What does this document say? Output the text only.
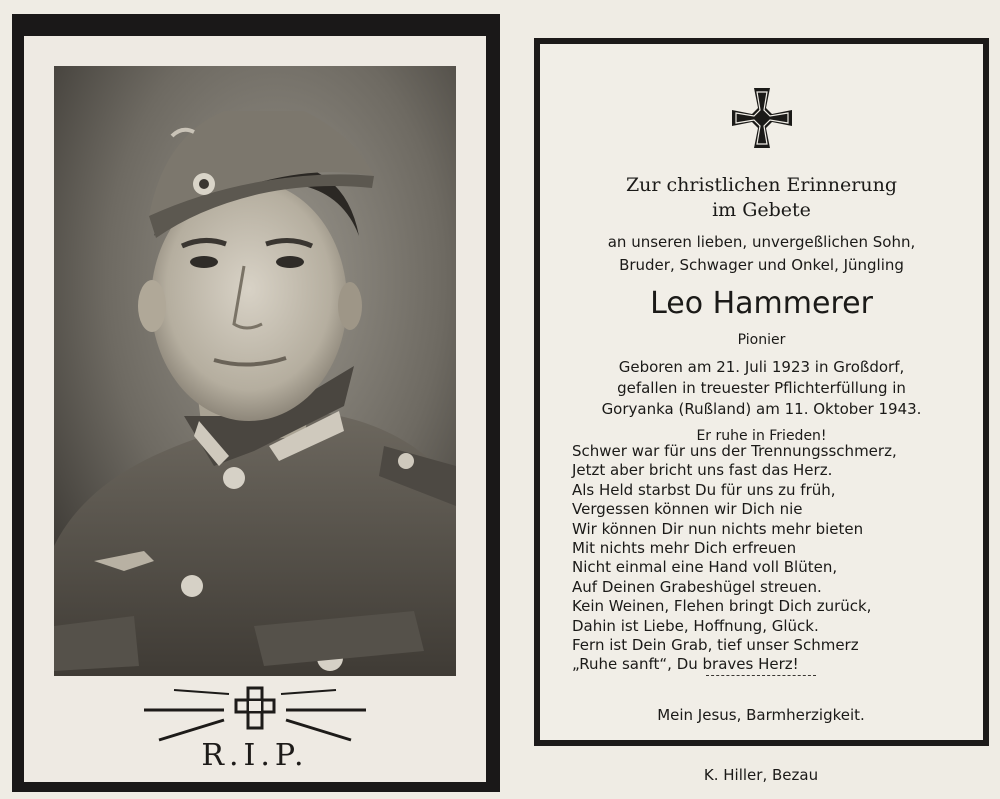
R.I.P.
Zur christlichen Erinnerung
im Gebete
an unseren lieben, unvergeßlichen Sohn,
Bruder, Schwager und Onkel, Jüngling
Leo Hammerer
Pionier
Geboren am 21. Juli 1923 in Großdorf,
gefallen in treuester Pflichterfüllung in
Goryanka (Rußland) am 11. Oktober 1943.
Er ruhe in Frieden!
Schwer war für uns der Trennungsschmerz,
Jetzt aber bricht uns fast das Herz.
Als Held starbst Du für uns zu früh,
Vergessen können wir Dich nie
Wir können Dir nun nichts mehr bieten
Mit nichts mehr Dich erfreuen
Nicht einmal eine Hand voll Blüten,
Auf Deinen Grabeshügel streuen.
Kein Weinen, Flehen bringt Dich zurück,
Dahin ist Liebe, Hoffnung, Glück.
Fern ist Dein Grab, tief unser Schmerz
„Ruhe sanft“, Du braves Herz!
Mein Jesus, Barmherzigkeit.
K. Hiller, Bezau
